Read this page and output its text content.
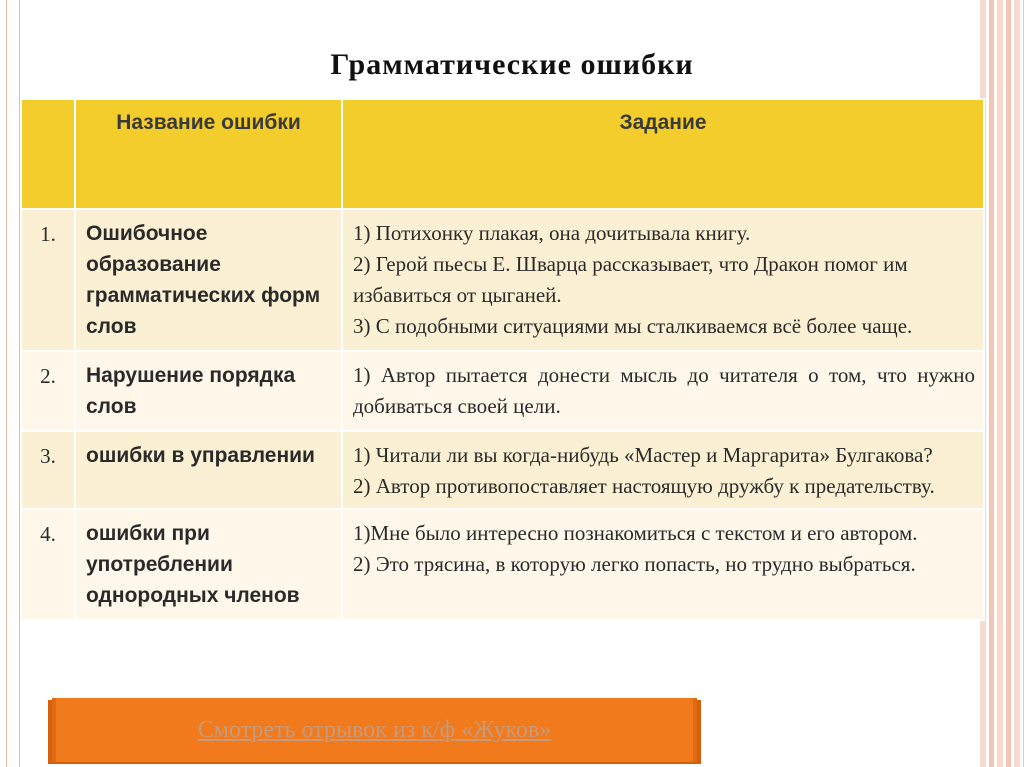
Грамматические ошибки
	Название ошибки	Задание
1.	Ошибочное образование грамматических форм слов	1) Потихонку плакая, она дочитывала книгу.
2) Герой пьесы Е. Шварца рассказывает, что Дракон помог им избавиться от цыганей.
3) С подобными ситуациями мы сталкиваемся всё более чаще.

2.	Нарушение порядка слов	1) Автор пытается донести мысль до читателя о том, что нужно добиваться своей цели.

3.	ошибки в управлении	1) Читали ли вы когда-нибудь «Мастер и Маргарита» Булгакова?
2) Автор противопоставляет настоящую дружбу к предательству.

4.	ошибки при употреблении однородных членов	1)Мне было интересно познакомиться с текстом и его автором.
2) Это трясина, в которую легко попасть, но трудно выбраться.
Смотреть отрывок из к/ф «Жуков»
